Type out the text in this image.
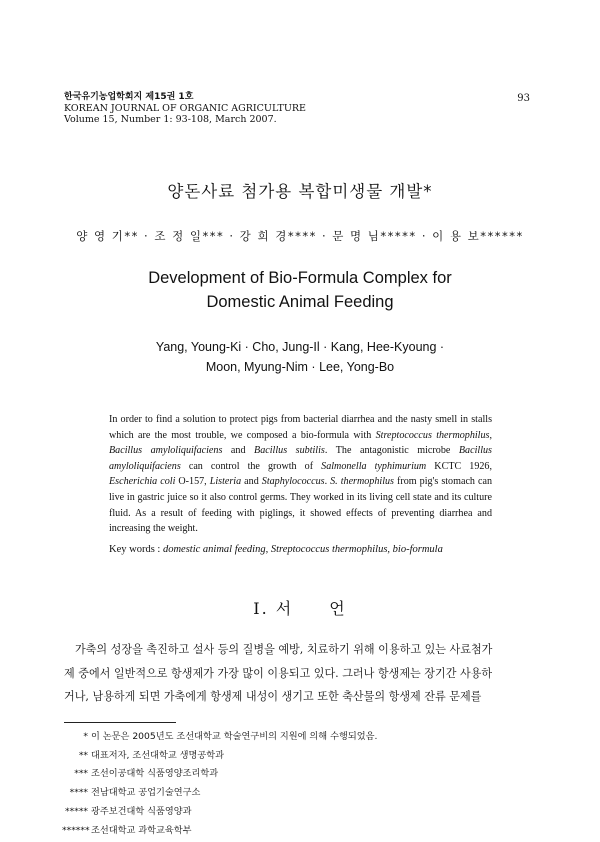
한국유기농업학회지 제15권 1호
KOREAN JOURNAL OF ORGANIC AGRICULTURE
Volume 15, Number 1: 93-108, March 2007.
93
양돈사료 첨가용 복합미생물 개발*
양 영 기** · 조 정 일*** · 강 희 경**** · 문 명 님***** · 이 용 보******
Development of Bio-Formula Complex for
Domestic Animal Feeding
Yang, Young-Ki · Cho, Jung-Il · Kang, Hee-Kyoung ·
Moon, Myung-Nim · Lee, Yong-Bo
In order to find a solution to protect pigs from bacterial diarrhea and the nasty smell in stalls which are the most trouble, we composed a bio-formula with Streptococcus thermophilus, Bacillus amyloliquifaciens and Bacillus subtilis. The antagonistic microbe Bacillus amyloliquifaciens can control the growth of Salmonella typhimurium KCTC 1926, Escherichia coli O-157, Listeria and Staphylococcus. S. thermophilus from pig's stomach can live in gastric juice so it also control germs. They worked in its living cell state and its culture fluid. As a result of feeding with piglings, it showed effects of preventing diarrhea and increasing the weight.
Key words : domestic animal feeding, Streptococcus thermophilus, bio-formula
Ⅰ. 서　　언
가축의 성장을 촉진하고 설사 등의 질병을 예방, 치료하기 위해 이용하고 있는 사료첨가
제 중에서 일반적으로 항생제가 가장 많이 이용되고 있다. 그러나 항생제는 장기간 사용하
거나, 남용하게 되면 가축에게 항생제 내성이 생기고 또한 축산물의 항생제 잔류 문제를
* 이 논문은 2005년도 조선대학교 학술연구비의 지원에 의해 수행되었음.
** 대표저자, 조선대학교 생명공학과
*** 조선이공대학 식품영양조리학과
**** 전남대학교 공업기술연구소
***** 광주보건대학 식품영양과
******조선대학교 과학교육학부
